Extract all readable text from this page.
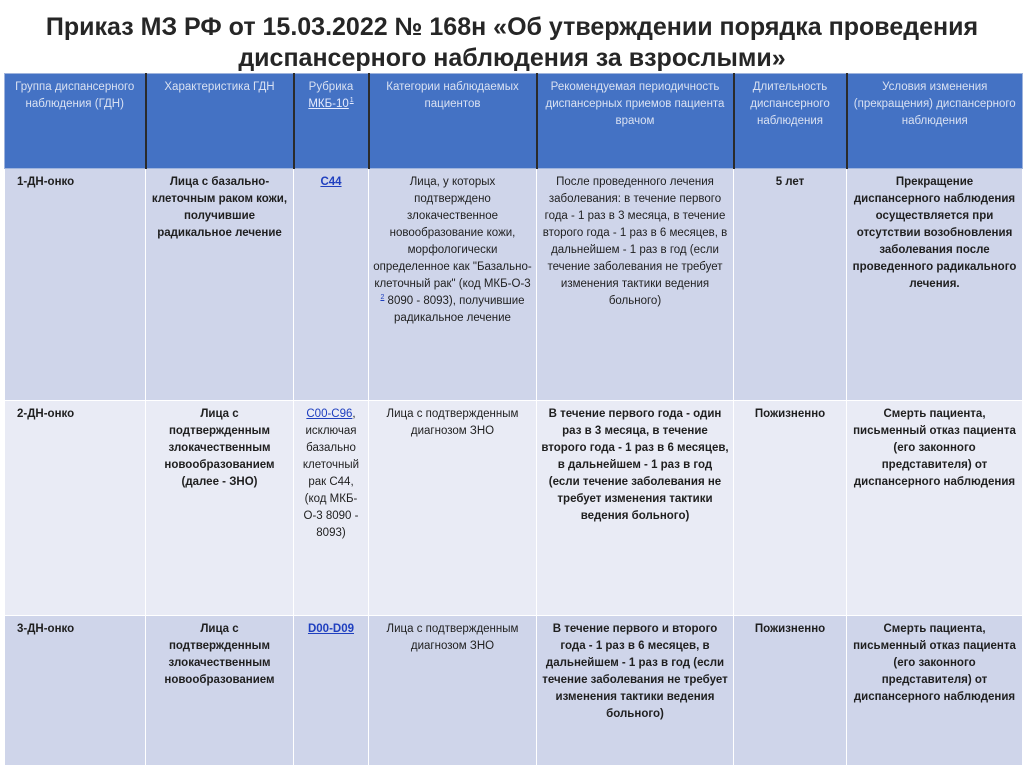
Приказ МЗ РФ от 15.03.2022 № 168н «Об утверждении порядка проведения
диспансерного наблюдения за взрослыми»
Группа диспансерного наблюдения (ГДН)	Характеристика ГДН	Рубрика МКБ-10 $^1$	Категории наблюдаемых пациентов	Рекомендуемая периодичность диспансерных приемов пациента врачом	Длительность диспансерного наблюдения	Условия изменения (прекращения) диспансерного наблюдения
1-ДН-онко	Лица с базально-клеточным раком кожи, получившие радикальное лечение	C44	Лица, у которых подтверждено злокачественное новообразование кожи, морфологически определенное как "Базально-клеточный рак" (код МКБ-О-3 $^2$ 8090 - 8093), получившие радикальное лечение	После проведенного лечения заболевания: в течение первого года - 1 раз в 3 месяца, в течение второго года - 1 раз в 6 месяцев, в дальнейшем - 1 раз в год (если течение заболевания не требует изменения тактики ведения больного)	5 лет	Прекращение диспансерного наблюдения осуществляется при отсутствии возобновления заболевания после проведенного радикального лечения.
2-ДН-онко	Лица с подтвержденным злокачественным новообразованием (далее - ЗНО)	C00-C96, исключая базально клеточный рак C44, (код МКБ-О-3 8090 - 8093)	Лица с подтвержденным диагнозом ЗНО	В течение первого года - один раз в 3 месяца, в течение второго года - 1 раз в 6 месяцев, в дальнейшем - 1 раз в год (если течение заболевания не требует изменения тактики ведения больного)	Пожизненно	Смерть пациента, письменный отказ пациента (его законного представителя) от диспансерного наблюдения
3-ДН-онко	Лица с подтвержденным злокачественным новообразованием	D00-D09	Лица с подтвержденным диагнозом ЗНО	В течение первого и второго года - 1 раз в 6 месяцев, в дальнейшем - 1 раз в год (если течение заболевания не требует изменения тактики ведения больного)	Пожизненно	Смерть пациента, письменный отказ пациента (его законного представителя) от диспансерного наблюдения
